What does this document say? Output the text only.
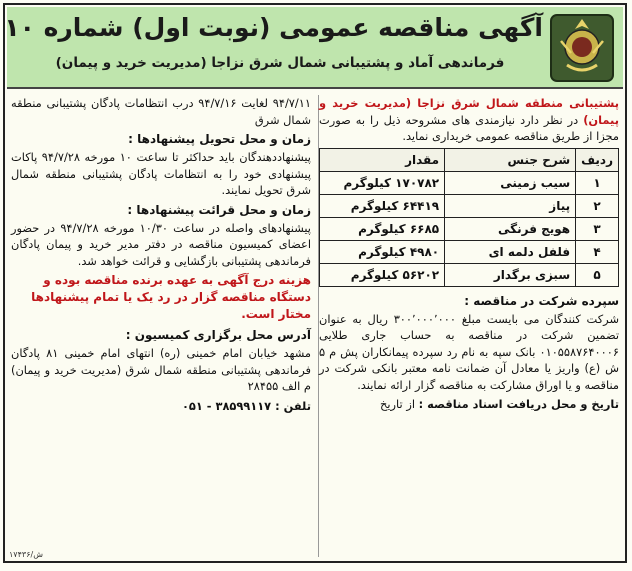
آگهی مناقصه عمومی (نوبت اول) شماره ۱۰
فرماندهی آماد و پشتیبانی شمال شرق نزاجا (مدیریت خرید و پیمان)

پشتیبانی منطقه شمال شرق نزاجا (مدیریت خرید و پیمان) در نظر دارد نیازمندی های مشروحه ذیل را به صورت مجزا از طریق مناقصه عمومی خریداری نماید.

ردیف	شرح جنس	مقدار
۱	سیب زمینی	۱۷۰۷۸۲ کیلوگرم
۲	پیاز	۶۴۴۱۹ کیلوگرم
۳	هویج فرنگی	۶۶۸۵ کیلوگرم
۴	فلفل دلمه ای	۴۹۸۰ کیلوگرم
۵	سبزی برگدار	۵۶۲۰۲ کیلوگرم
سپرده شرکت در مناقصه :

شرکت کنندگان می بایست مبلغ ۳۰۰٬۰۰۰٬۰۰۰ ریال به عنوان تضمین شرکت در مناقصه به حساب جاری طلایی ۰۱۰۵۵۸۷۶۴۰۰۰۶ بانک سپه به نام رد سپرده پیمانکاران پش م ۵ ش (ع) واریز یا معادل آن ضمانت نامه معتبر بانکی شرکت در مناقصه و یا اوراق مشارکت به مناقصه گزار ارائه نمایند.

تاریخ و محل دریافت اسناد مناقصه : از تاریخ

۹۴/۷/۱۱ لغایت ۹۴/۷/۱۶ درب انتظامات پادگان پشتیبانی منطقه شمال شرق

زمان و محل تحویل پیشنهادها :

پیشنهاددهندگان باید حداکثر تا ساعت ۱۰ مورخه ۹۴/۷/۲۸ پاکات پیشنهادی خود را به انتظامات پادگان پشتیبانی منطقه شمال شرق تحویل نمایند.

زمان و محل قرائت پیشنهادها :

پیشنهادهای واصله در ساعت ۱۰/۳۰ مورخه ۹۴/۷/۲۸ در حضور اعضای کمیسیون مناقصه در دفتر مدیر خرید و پیمان پادگان فرماندهی پشتیبانی بازگشایی و قرائت خواهد شد.

هزینه درج آگهی به عهده برنده مناقصه بوده و دستگاه مناقصه گزار در رد یک یا تمام پیشنهادها مختار است.
آدرس محل برگزاری کمیسیون :

مشهد خیابان امام خمینی (ره) انتهای امام خمینی ۸۱ پادگان فرماندهی پشتیبانی منطقه شمال شرق (مدیریت خرید و پیمان) م الف ۲۸۴۵۵

تلفن : ۳۸۵۹۹۱۱۷ - ۰۵۱

۱۷۴۳۶/ش
